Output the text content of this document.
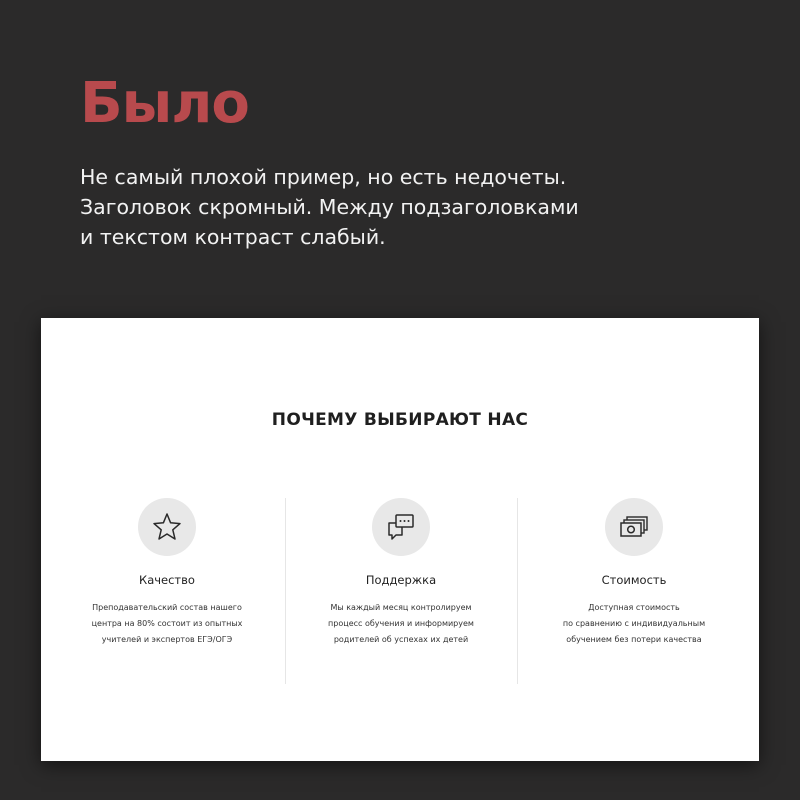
Было

Не самый плохой пример, но есть недочеты.
Заголовок скромный. Между подзаголовками
и текстом контраст слабый.

ПОЧЕМУ ВЫБИРАЮТ НАС
Качество
Преподавательский состав нашего
центра на 80% состоит из опытных
учителей и экспертов ЕГЭ/ОГЭ
Поддержка
Мы каждый месяц контролируем
процесс обучения и информируем
родителей об успехах их детей
Стоимость
Доступная стоимость
по сравнению с индивидуальным
обучением без потери качества
